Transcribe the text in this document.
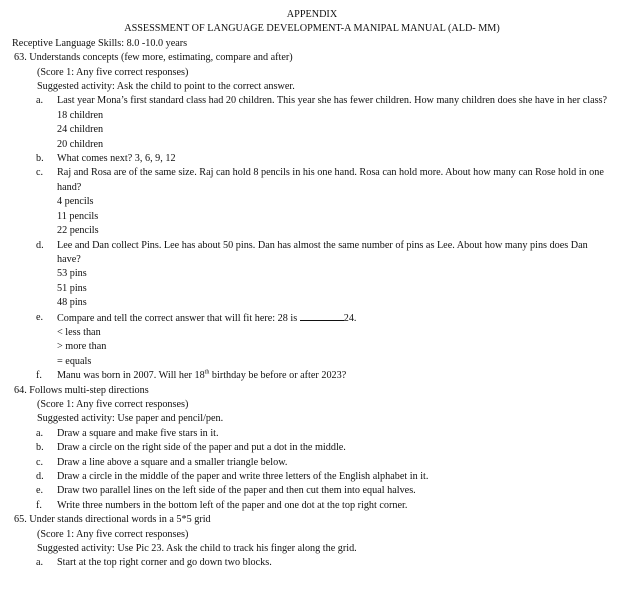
APPENDIX
ASSESSMENT OF LANGUAGE DEVELOPMENT-A MANIPAL MANUAL (ALD- MM)
Receptive Language Skills: 8.0 -10.0 years
63. Understands concepts (few more, estimating, compare and after)
(Score 1: Any five correct responses)
Suggested activity: Ask the child to point to the correct answer.
a. Last year Mona’s first standard class had 20 children. This year she has fewer children. How many children does she have in her class?
18 children
24 children
20 children
b. What comes next? 3, 6, 9, 12
c. Raj and Rosa are of the same size. Raj can hold 8 pencils in his one hand. Rosa can hold more. About how many can Rose hold in one hand?
4 pencils
11 pencils
22 pencils
d. Lee and Dan collect Pins. Lee has about 50 pins. Dan has almost the same number of pins as Lee. About how many pins does Dan have?
53 pins
51 pins
48 pins
e. Compare and tell the correct answer that will fit here: 28 is	24.
< less than
> more than
= equals
f. Manu was born in 2007. Will her 18th birthday be before or after 2023?
64. Follows multi-step directions
(Score 1: Any five correct responses)
Suggested activity: Use paper and pencil/pen.
a. Draw a square and make five stars in it.
b. Draw a circle on the right side of the paper and put a dot in the middle.
c. Draw a line above a square and a smaller triangle below.
d. Draw a circle in the middle of the paper and write three letters of the English alphabet in it.
e. Draw two parallel lines on the left side of the paper and then cut them into equal halves.
f. Write three numbers in the bottom left of the paper and one dot at the top right corner.
65. Under stands directional words in a 5*5 grid
(Score 1: Any five correct responses)
Suggested activity: Use Pic 23. Ask the child to track his finger along the grid.
a. Start at the top right corner and go down two blocks.
